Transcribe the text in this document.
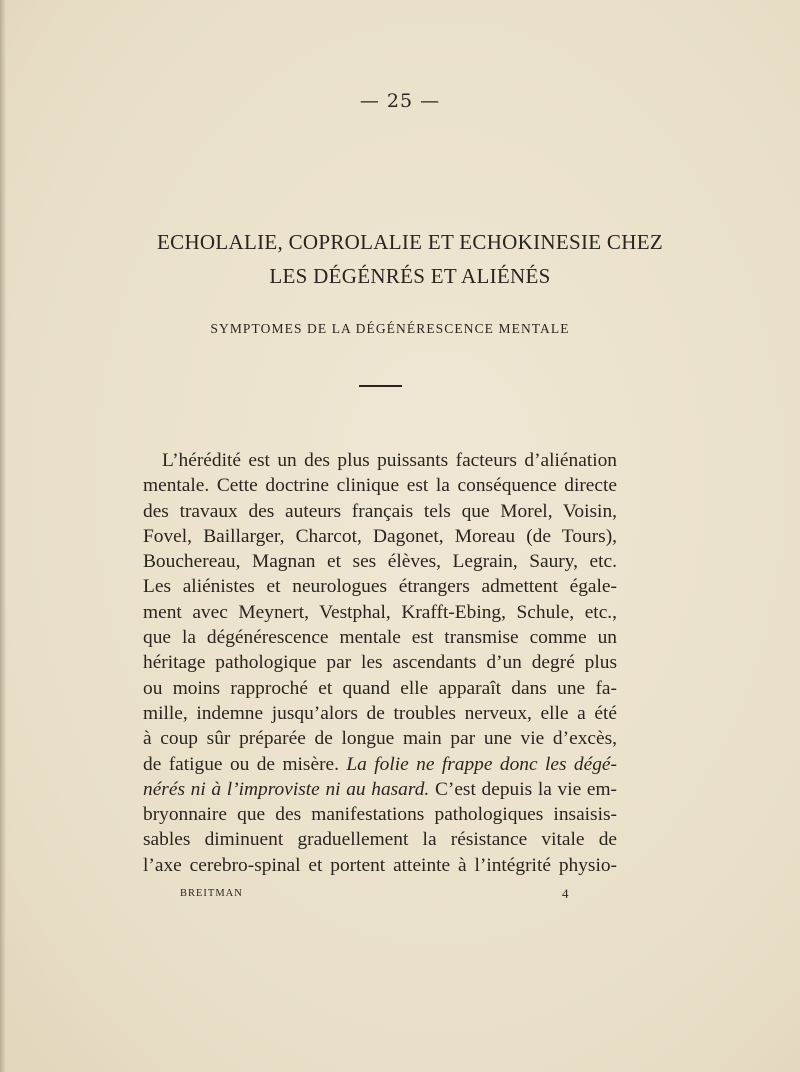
— 25 —
ECHOLALIE, COPROLALIE ET ECHOKINESIE CHEZ
LES DÉGÉNRÉS ET ALIÉNÉS
SYMPTOMES DE LA DÉGÉNÉRESCENCE MENTALE
L’hérédité est un des plus puissants facteurs d’aliénation
mentale. Cette doctrine clinique est la conséquence directe
des travaux des auteurs français tels que Morel, Voisin,
Fovel, Baillarger, Charcot, Dagonet, Moreau (de Tours),
Bouchereau, Magnan et ses élèves, Legrain, Saury, etc.
Les aliénistes et neurologues étrangers admettent égale-
ment avec Meynert, Vestphal, Krafft-Ebing, Schule, etc.,
que la dégénérescence mentale est transmise comme un
héritage pathologique par les ascendants d’un degré plus
ou moins rapproché et quand elle apparaît dans une fa-
mille, indemne jusqu’alors de troubles nerveux, elle a été
à coup sûr préparée de longue main par une vie d’excès,
de fatigue ou de misère. La folie ne frappe donc les dégé-
nérés ni à l’improviste ni au hasard. C’est depuis la vie em-
bryonnaire que des manifestations pathologiques insaisis-
sables diminuent graduellement la résistance vitale de
l’axe cerebro-spinal et portent atteinte à l’intégrité physio-
BREITMAN	4
